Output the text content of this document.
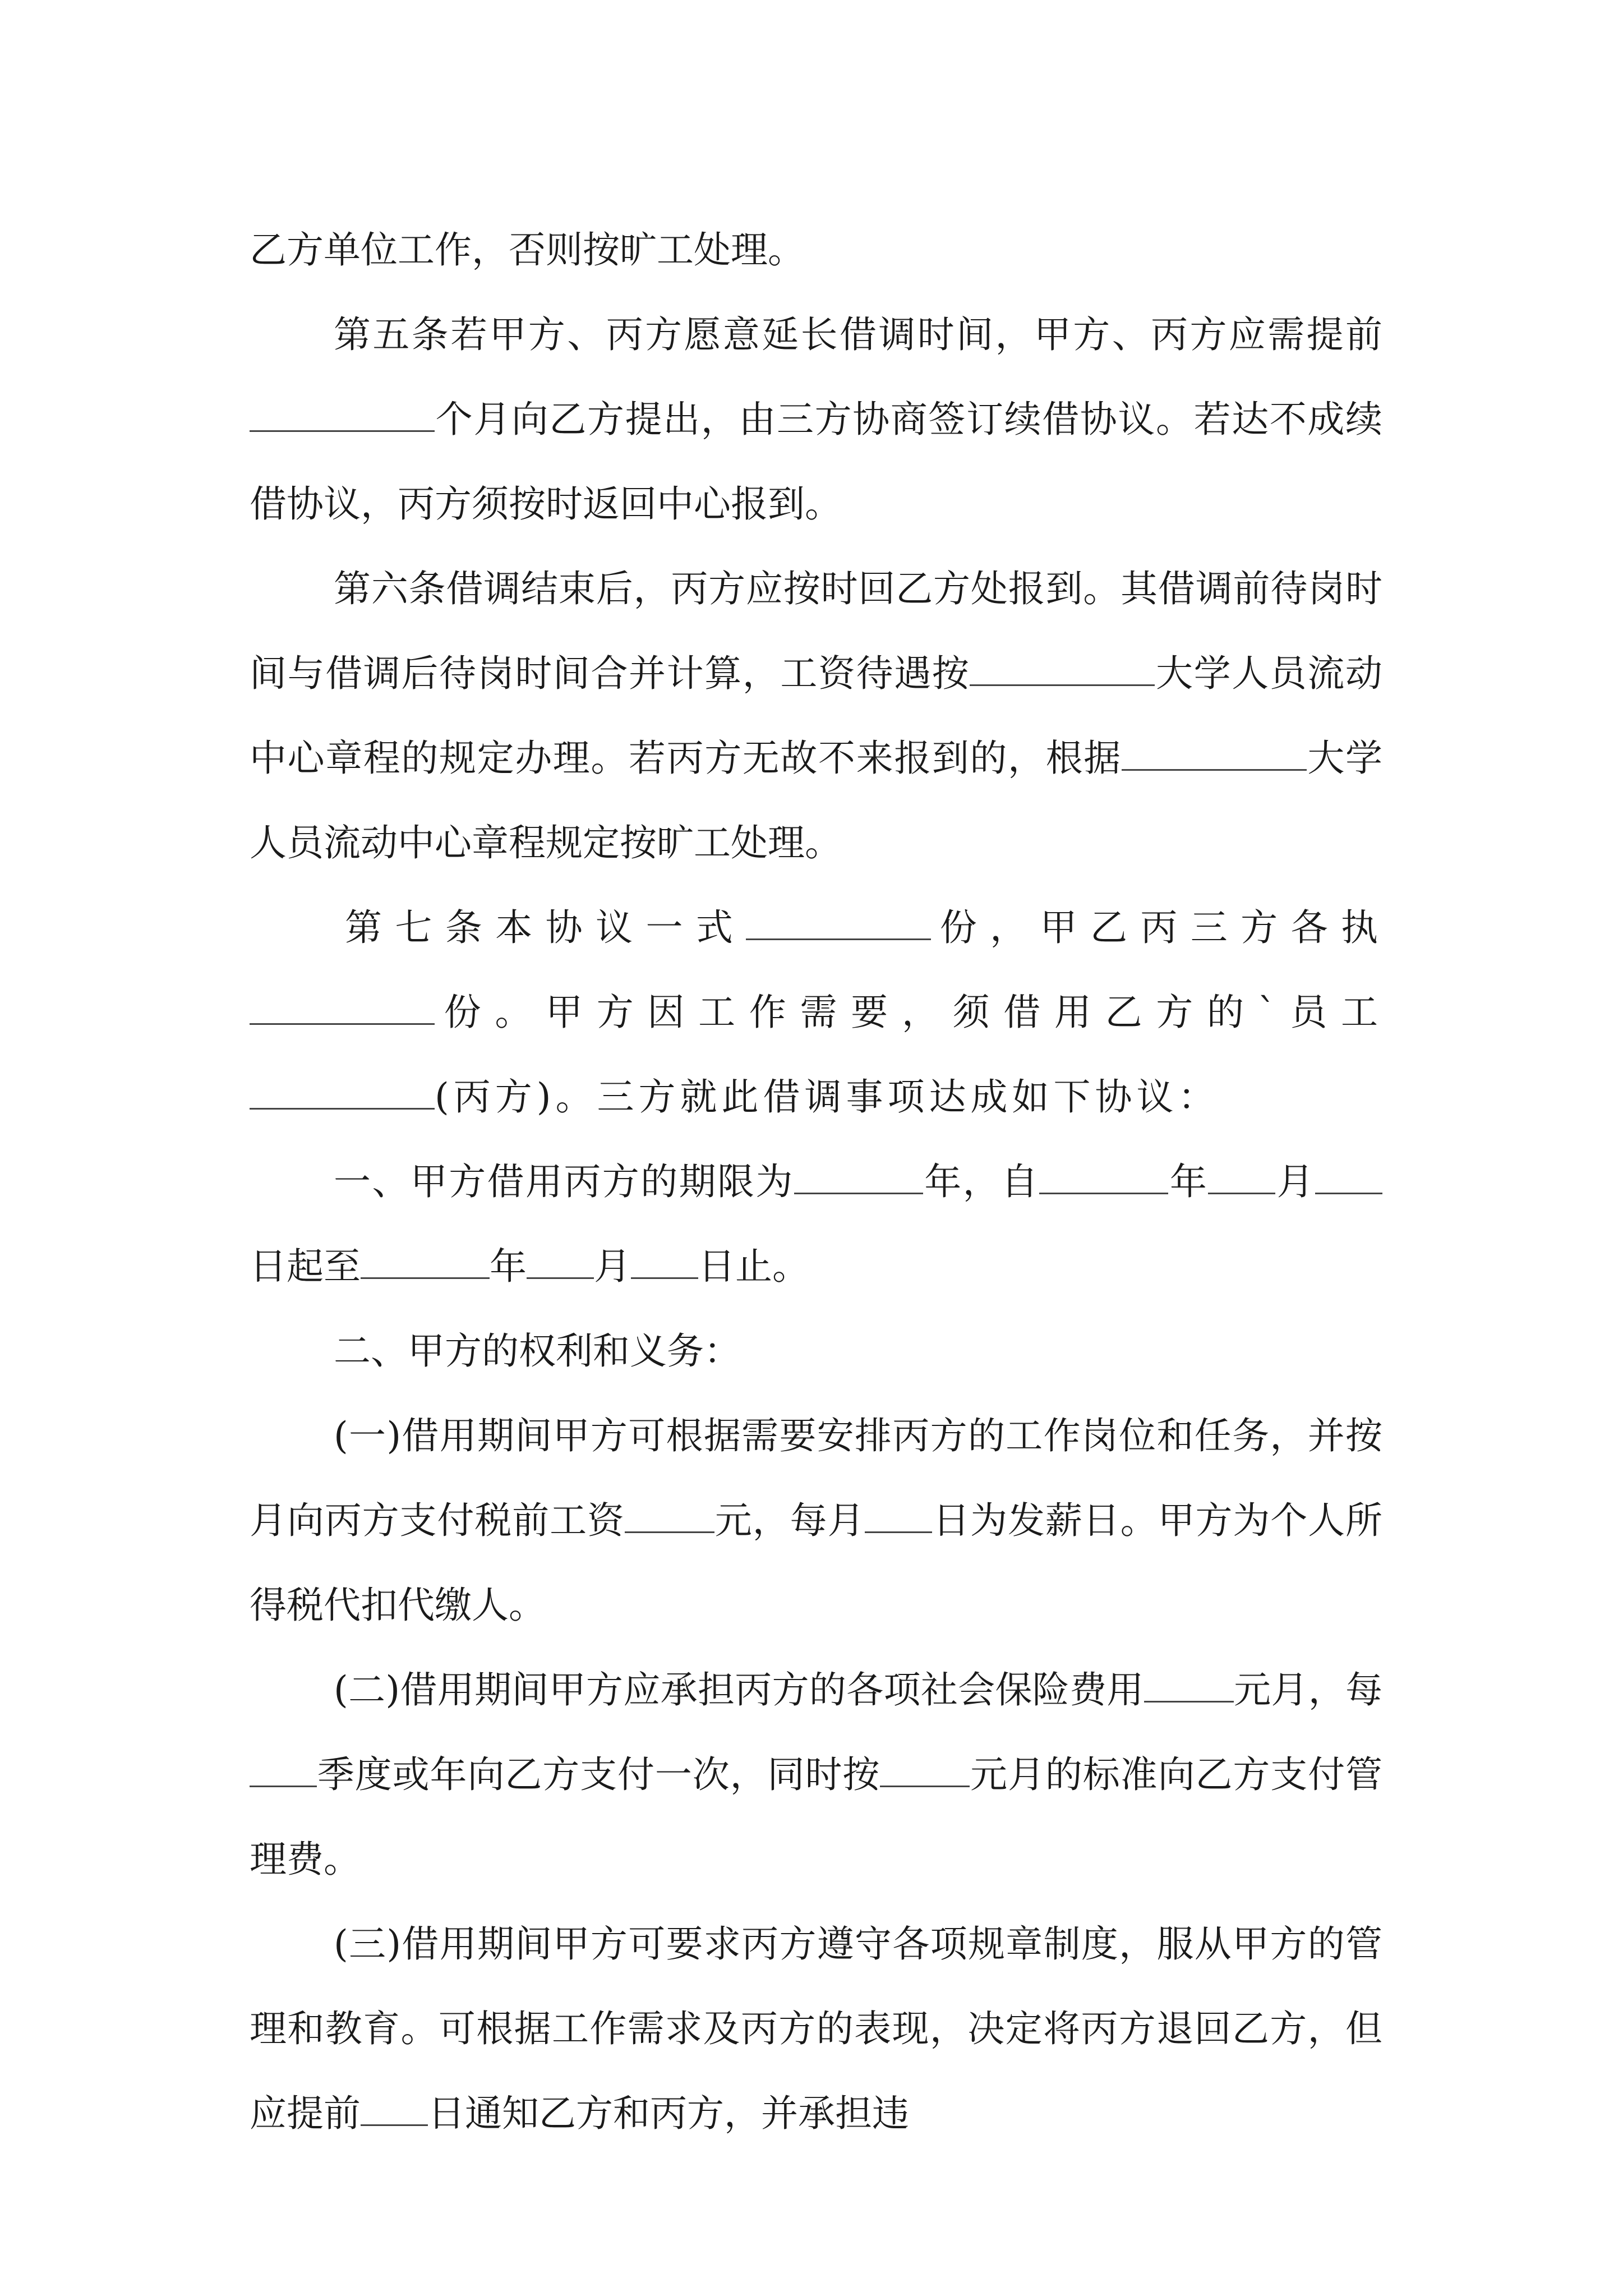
乙方单位工作，否则按旷工处理。

第五条若甲方、丙方愿意延长借调时间，甲方、丙方应需提前个月向乙方提出，由三方协商签订续借协议。若达不成续借协议，丙方须按时返回中心报到。

第六条借调结束后，丙方应按时回乙方处报到。其借调前待岗时间与借调后待岗时间合并计算，工资待遇按	大学人员流动中心章程的规定办理。若丙方无故不来报到的，根据	大学人员流动中心章程规定按旷工处理。

第七条本协议一式	份，甲乙丙三方各执份。甲方因工作需要，须借用乙方的`员工(丙方)。三方就此借调事项达成如下协议：

一、甲方借用丙方的期限为	年，自	年 月日起至	年 月 日止。

二、甲方的权利和义务：

(一)借用期间甲方可根据需要安排丙方的工作岗位和任务，并按月向丙方支付税前工资 元，每月 日为发薪日。甲方为个人所得税代扣代缴人。

(二)借用期间甲方应承担丙方的各项社会保险费用 元月，每季度或年向乙方支付一次，同时按 元月的标准向乙方支付管理费。

(三)借用期间甲方可要求丙方遵守各项规章制度，服从甲方的管理和教育。可根据工作需求及丙方的表现，决定将丙方退回乙方，但应提前 日通知乙方和丙方，并承担违
